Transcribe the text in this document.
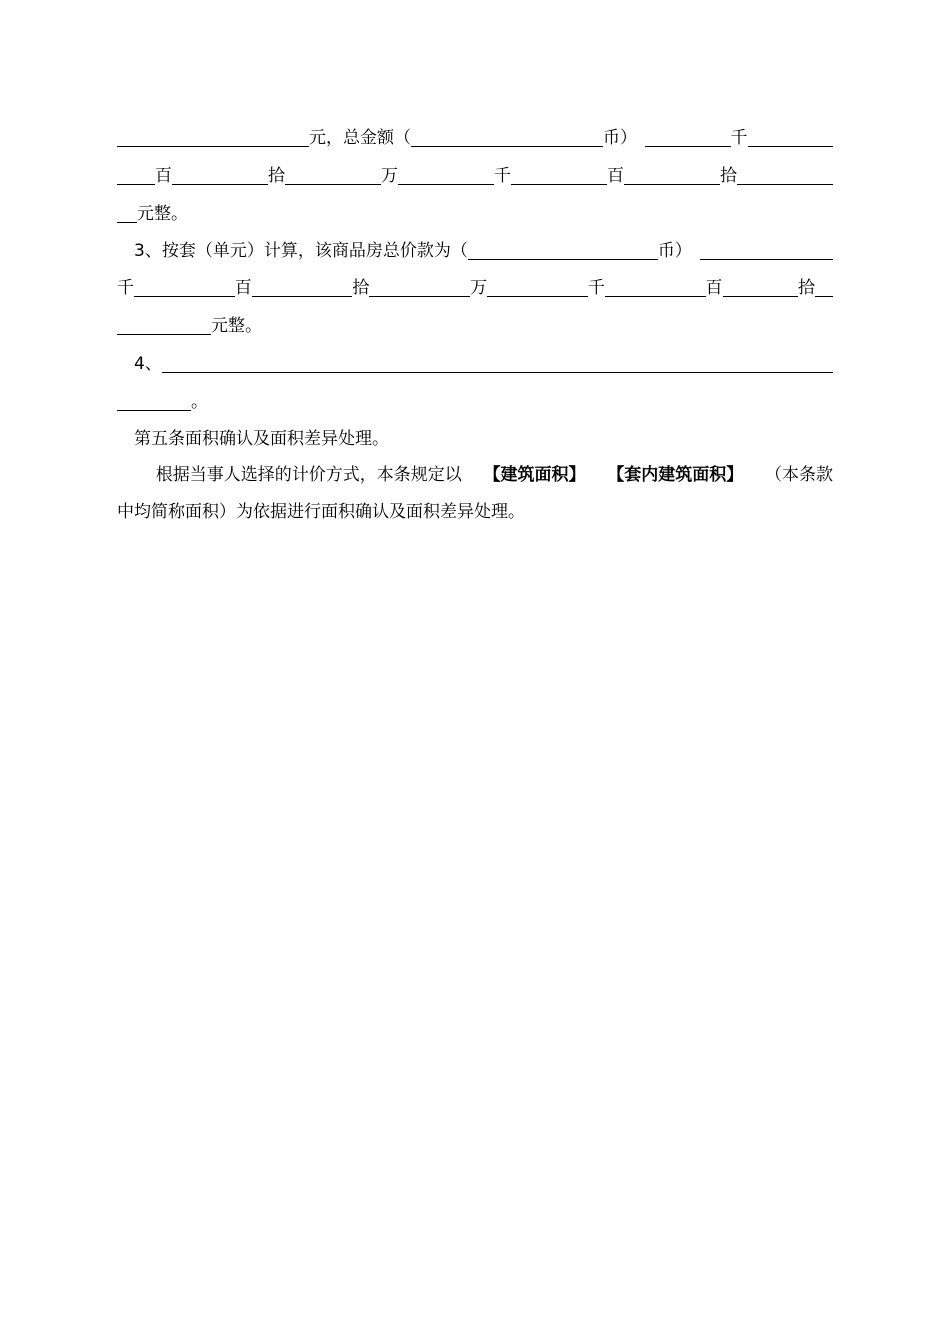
元，总金额（	币）	千
百	拾	万	千	百	拾
元整。
3、按套（单元）计算，该商品房总价款为（	币）
千	百	拾	万	千	百	拾
元整。
4、
。
第五条面积确认及面积差异处理。
根据当事人选择的计价方式，本条规定以 【建筑面积】 【套内建筑面积】 （本条款
中均简称面积）为依据进行面积确认及面积差异处理。
